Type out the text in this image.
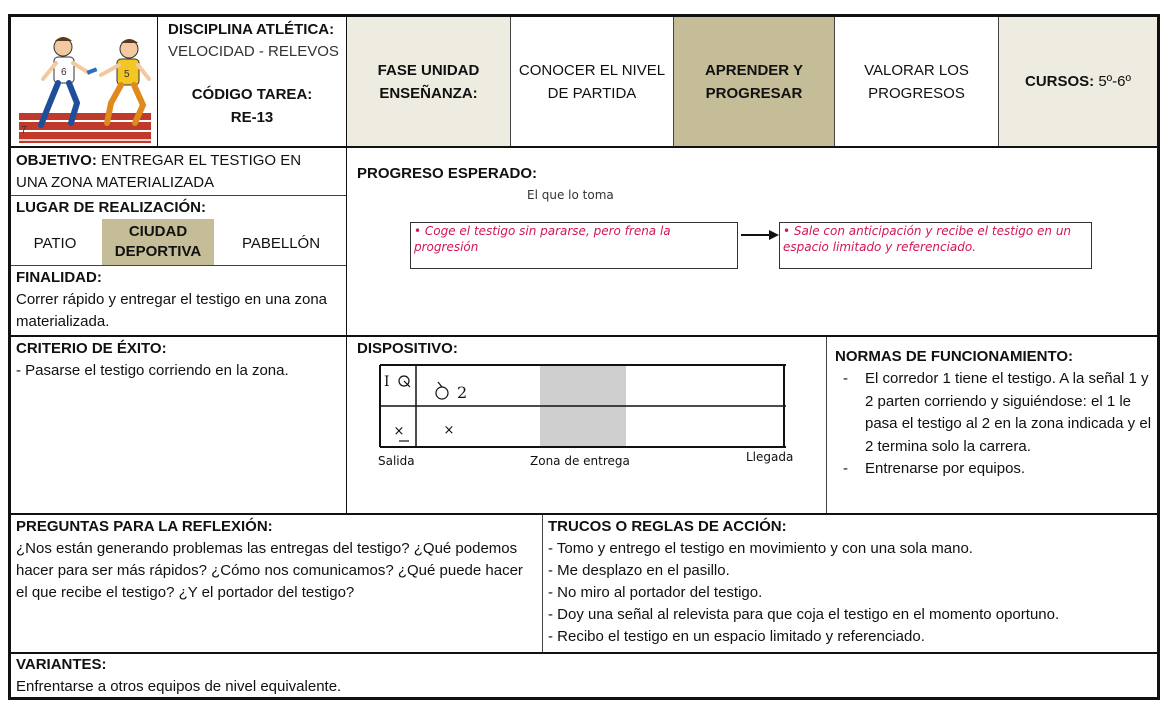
7
6	5
DISCIPLINA ATLÉTICA:
VELOCIDAD - RELEVOS
CÓDIGO TAREA:
RE-13
FASE UNIDAD ENSEÑANZA:
CONOCER EL NIVEL DE PARTIDA
APRENDER Y PROGRESAR
VALORAR LOS PROGRESOS
CURSOS:
5º-6º
OBJETIVO: ENTREGAR EL TESTIGO EN UNA ZONA MATERIALIZADA
LUGAR DE REALIZACIÓN:
PATIO
CIUDAD DEPORTIVA	PABELLÓN
FINALIDAD:
Correr rápido y entregar el testigo en una zona materializada.
PROGRESO ESPERADO:
El que lo toma
• Coge el testigo sin pararse, pero frena la progresión
• Sale con anticipación y recibe el testigo en un espacio limitado y referenciado.
CRITERIO DE ÉXITO:
- Pasarse el testigo corriendo en la zona.
DISPOSITIVO:
I
2
×	×
Salida	Zona de entrega	Llegada
NORMAS DE FUNCIONAMIENTO:
- El corredor 1 tiene el testigo. A la señal 1 y 2 parten corriendo y siguiéndose: el 1 le pasa el testigo al 2 en la zona indicada y el 2 termina solo la carrera.
- Entrenarse por equipos.
PREGUNTAS PARA LA REFLEXIÓN:
¿Nos están generando problemas las entregas del testigo? ¿Qué podemos hacer para ser más rápidos? ¿Cómo nos comunicamos? ¿Qué puede hacer el que recibe el testigo? ¿Y el portador del testigo?
TRUCOS O REGLAS DE ACCIÓN:
- Tomo y entrego el testigo en movimiento y con una sola mano.
- Me desplazo en el pasillo.
- No miro al portador del testigo.
- Doy una señal al relevista para que coja el testigo en el momento oportuno.
- Recibo el testigo en un espacio limitado y referenciado.
VARIANTES:
Enfrentarse a otros equipos de nivel equivalente.
